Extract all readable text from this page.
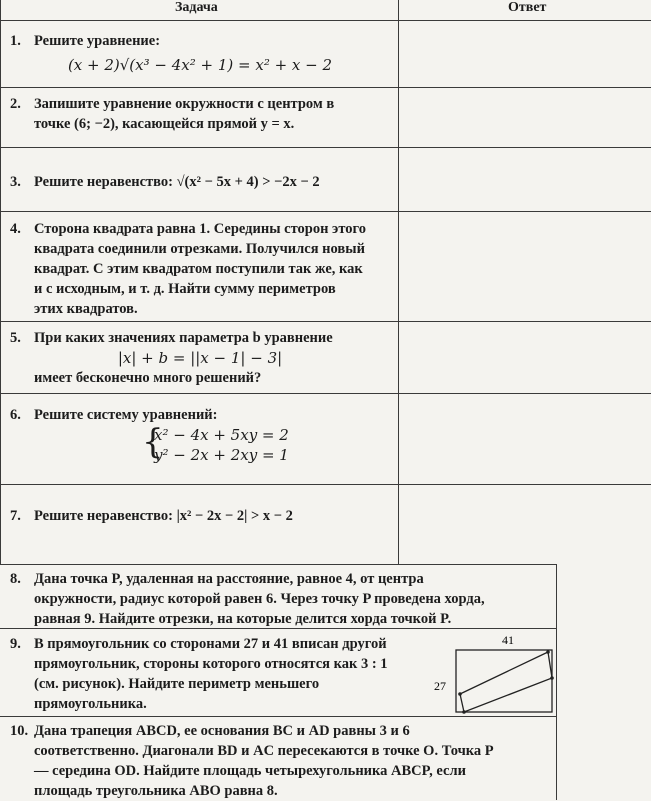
Задача	Ответ
1. Решите уравнение:
(x + 2)√(x³ − 4x² + 1) = x² + x − 2
2. Запишите уравнение окружности с центром в
точке (6; −2), касающейся прямой y = x.
3. Решите неравенство: √(x² − 5x + 4) > −2x − 2
4. Сторона квадрата равна 1. Середины сторон этого
квадрата соединили отрезками. Получился новый
квадрат. С этим квадратом поступили так же, как
и с исходным, и т. д. Найти сумму периметров
этих квадратов.
5. При каких значениях параметра b уравнение
|x| + b = ||x − 1| − 3|
имеет бесконечно много решений?
6. Решите систему уравнений:
{
x² − 4x + 5xy = 2
y² − 2x + 2xy = 1
7. Решите неравенство: |x² − 2x − 2| > x − 2
8. Дана точка P, удаленная на расстояние, равное 4, от центра
окружности, радиус которой равен 6. Через точку P проведена хорда,
равная 9. Найдите отрезки, на которые делится хорда точкой P.
9. В прямоугольник со сторонами 27 и 41 вписан другой
прямоугольник, стороны которого относятся как 3 : 1
(см. рисунок). Найдите периметр меньшего
прямоугольника.
41
27
10. Дана трапеция ABCD, ее основания BC и AD равны 3 и 6
соответственно. Диагонали BD и AC пересекаются в точке O. Точка P
— середина OD. Найдите площадь четырехугольника ABCP, если
площадь треугольника ABO равна 8.
